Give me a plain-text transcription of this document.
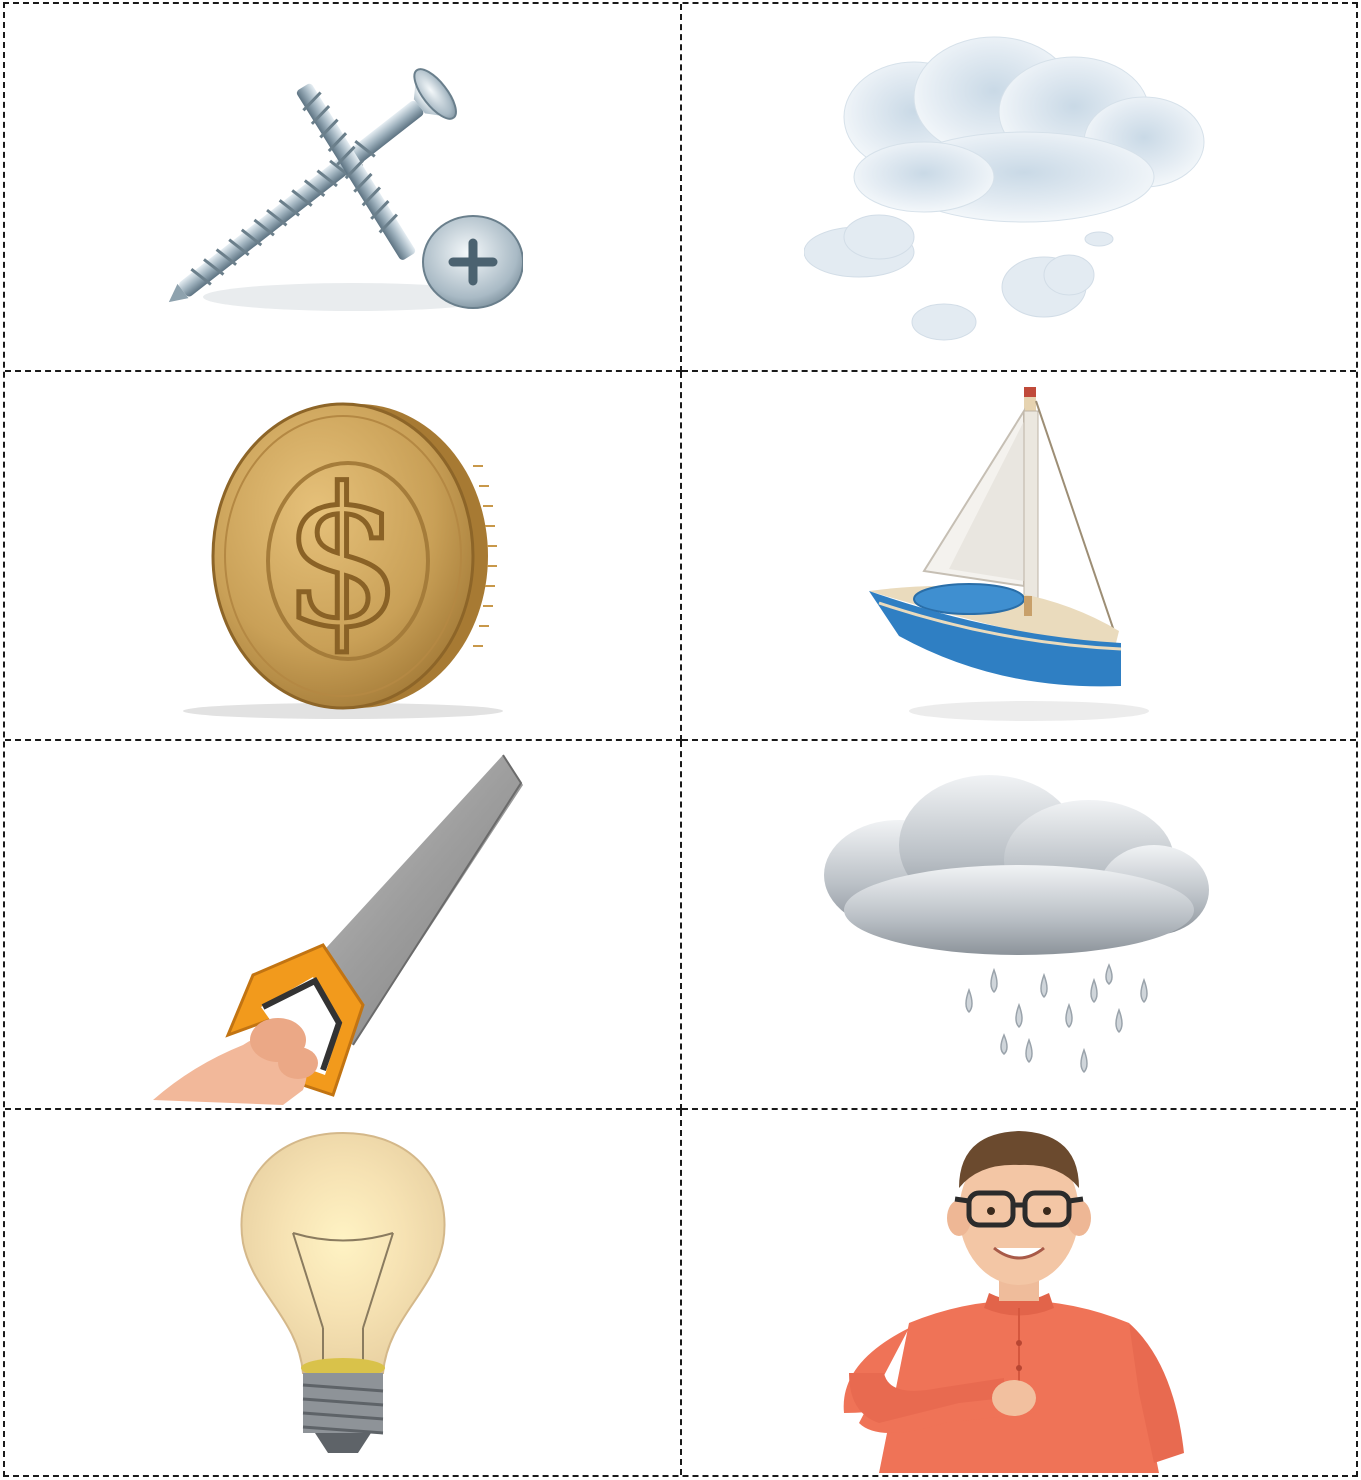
$
